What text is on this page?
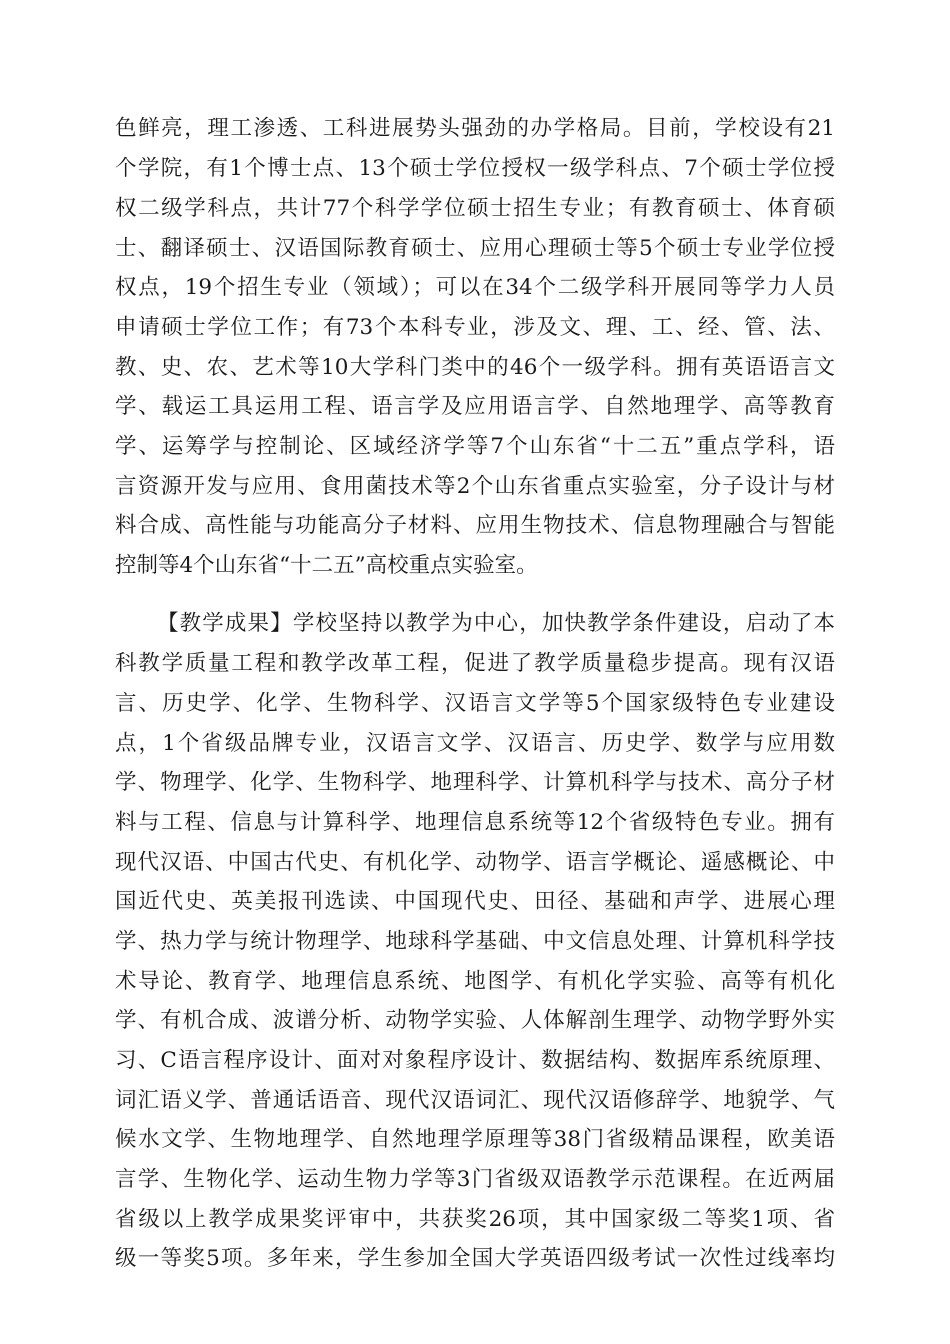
色鲜亮，理工渗透、工科进展势头强劲的办学格局。目前，学校设有21
个学院，有1个博士点、13个硕士学位授权一级学科点、7个硕士学位授
权二级学科点，共计77个科学学位硕士招生专业；有教育硕士、体育硕
士、翻译硕士、汉语国际教育硕士、应用心理硕士等5个硕士专业学位授
权点，19个招生专业（领域）；可以在34个二级学科开展同等学力人员
申请硕士学位工作；有73个本科专业，涉及文、理、工、经、管、法、
教、史、农、艺术等10大学科门类中的46个一级学科。拥有英语语言文
学、载运工具运用工程、语言学及应用语言学、自然地理学、高等教育
学、运筹学与控制论、区域经济学等7个山东省“十二五”重点学科，语
言资源开发与应用、食用菌技术等2个山东省重点实验室，分子设计与材
料合成、高性能与功能高分子材料、应用生物技术、信息物理融合与智能
控制等4个山东省“十二五”高校重点实验室。
【教学成果】学校坚持以教学为中心，加快教学条件建设，启动了本
科教学质量工程和教学改革工程，促进了教学质量稳步提高。现有汉语
言、历史学、化学、生物科学、汉语言文学等5个国家级特色专业建设
点，1个省级品牌专业，汉语言文学、汉语言、历史学、数学与应用数
学、物理学、化学、生物科学、地理科学、计算机科学与技术、高分子材
料与工程、信息与计算科学、地理信息系统等12个省级特色专业。拥有
现代汉语、中国古代史、有机化学、动物学、语言学概论、遥感概论、中
国近代史、英美报刊选读、中国现代史、田径、基础和声学、进展心理
学、热力学与统计物理学、地球科学基础、中文信息处理、计算机科学技
术导论、教育学、地理信息系统、地图学、有机化学实验、高等有机化
学、有机合成、波谱分析、动物学实验、人体解剖生理学、动物学野外实
习、C语言程序设计、面对对象程序设计、数据结构、数据库系统原理、
词汇语义学、普通话语音、现代汉语词汇、现代汉语修辞学、地貌学、气
候水文学、生物地理学、自然地理学原理等38门省级精品课程，欧美语
言学、生物化学、运动生物力学等3门省级双语教学示范课程。在近两届
省级以上教学成果奖评审中，共获奖26项，其中国家级二等奖1项、省
级一等奖5项。多年来，学生参加全国大学英语四级考试一次性过线率均
